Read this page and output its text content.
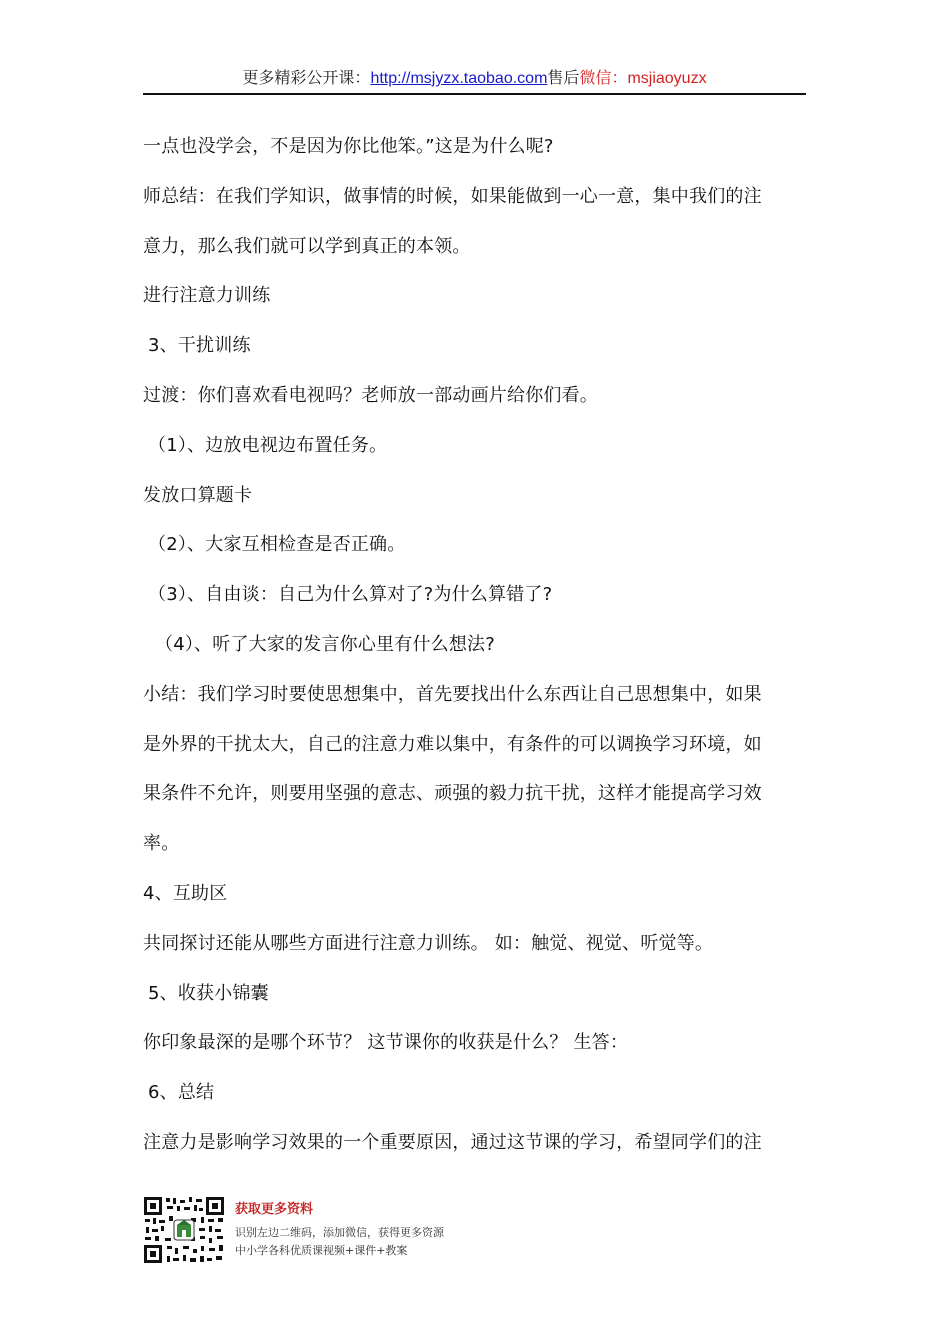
更多精彩公开课：http://msjyzx.taobao.com售后微信：msjiaoyuzx
一点也没学会，不是因为你比他笨。”这是为什么呢?
师总结：在我们学知识，做事情的时候，如果能做到一心一意，集中我们的注
意力，那么我们就可以学到真正的本领。
进行注意力训练
3、干扰训练
过渡：你们喜欢看电视吗？老师放一部动画片给你们看。
（1）、边放电视边布置任务。
发放口算题卡
（2）、大家互相检查是否正确。
（3）、自由谈：自己为什么算对了?为什么算错了?
（4）、听了大家的发言你心里有什么想法?
小结：我们学习时要使思想集中，首先要找出什么东西让自己思想集中，如果
是外界的干扰太大，自己的注意力难以集中，有条件的可以调换学习环境，如
果条件不允许，则要用坚强的意志、顽强的毅力抗干扰，这样才能提高学习效
率。
4、互助区
共同探讨还能从哪些方面进行注意力训练。 如：触觉、视觉、听觉等。
5、收获小锦囊
你印象最深的是哪个环节？ 这节课你的收获是什么？ 生答：
6、总结
注意力是影响学习效果的一个重要原因，通过这节课的学习，希望同学们的注
获取更多资料
识别左边二维码，添加微信，获得更多资源
中小学各科优质课视频+课件+教案
